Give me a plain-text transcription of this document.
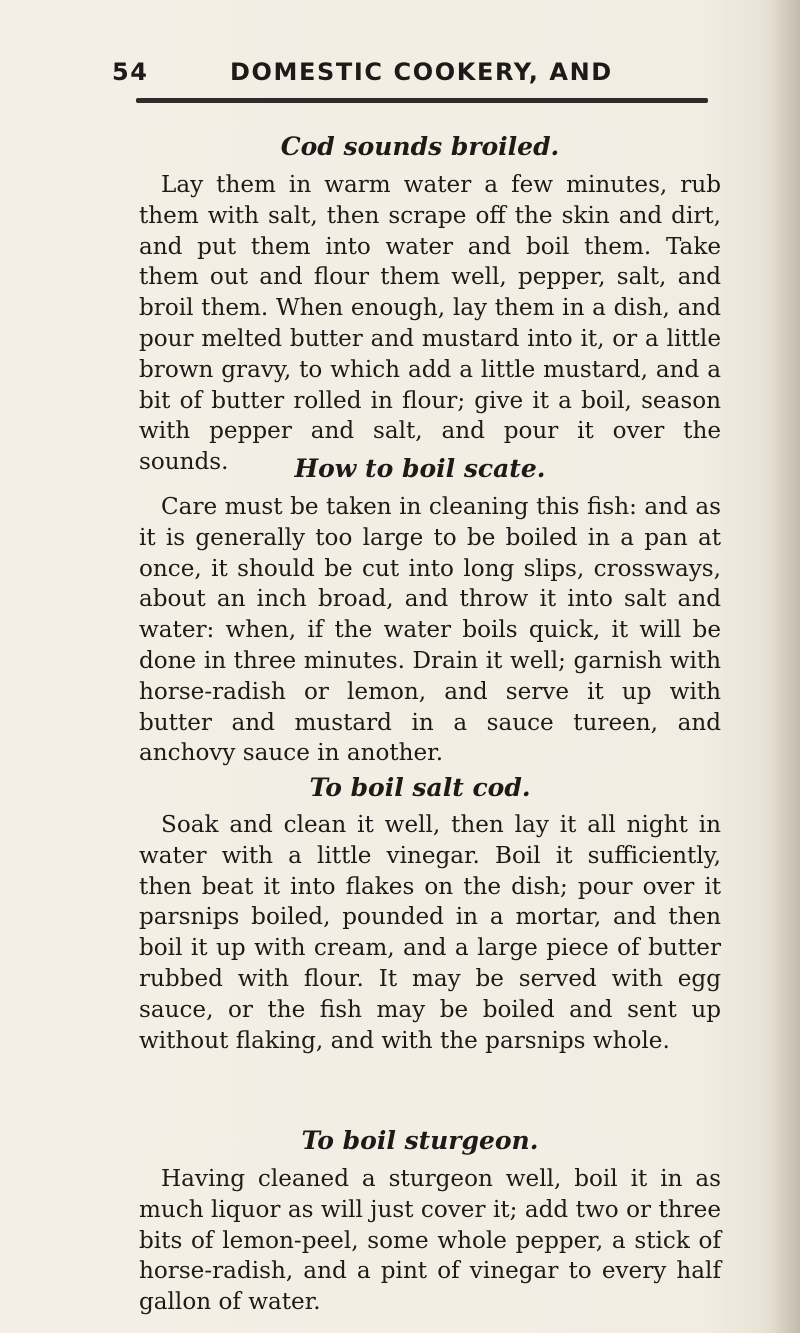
54	DOMESTIC COOKERY, AND
Cod sounds broiled.
Lay them in warm water a few minutes, rub them with salt, then scrape off the skin and dirt, and put them into water and boil them. Take them out and flour them well, pepper, salt, and broil them. When enough, lay them in a dish, and pour melted butter and mustard into it, or a little brown gravy, to which add a little mustard, and a bit of butter rolled in flour; give it a boil, season with pepper and salt, and pour it over the sounds.	How to boil scate.
Care must be taken in cleaning this fish: and as it is generally too large to be boiled in a pan at once, it should be cut into long slips, crossways, about an inch broad, and throw it into salt and water: when, if the water boils quick, it will be done in three minutes. Drain it well; garnish with horse-radish or lemon, and serve it up with butter and mustard in a sauce tureen, and anchovy sauce in another.
To boil salt cod.
Soak and clean it well, then lay it all night in water with a little vinegar. Boil it sufficiently, then beat it into flakes on the dish; pour over it parsnips boiled, pounded in a mortar, and then boil it up with cream, and a large piece of butter rubbed with flour. It may be served with egg sauce, or the fish may be boiled and sent up without flaking, and with the parsnips whole.
To boil sturgeon.
Having cleaned a sturgeon well, boil it in as much liquor as will just cover it; add two or three bits of lemon-peel, some whole pepper, a stick of horse-radish, and a pint of vinegar to every half gallon of water.
